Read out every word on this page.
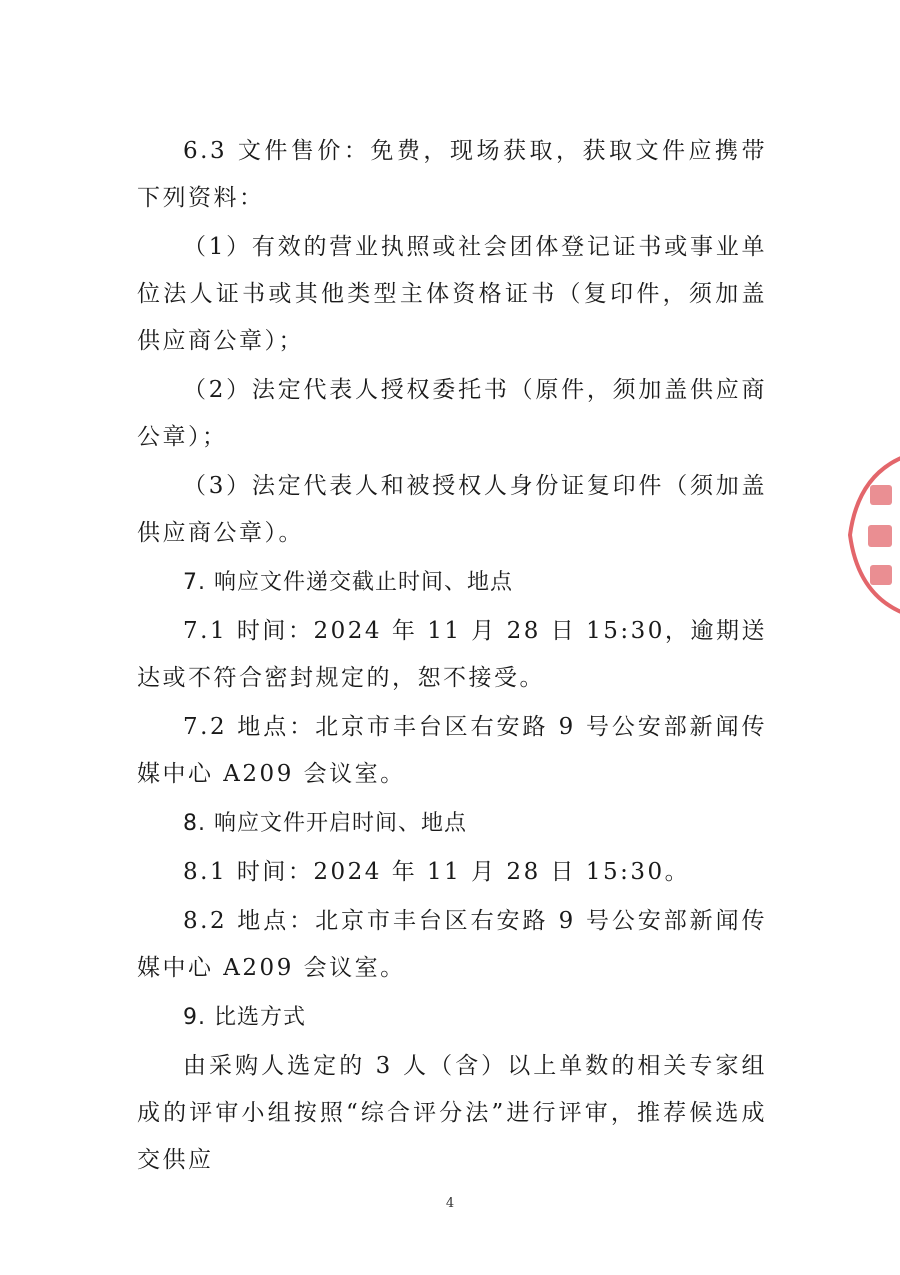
6.3 文件售价：免费，现场获取，获取文件应携带下列资料：

（1）有效的营业执照或社会团体登记证书或事业单位法人证书或其他类型主体资格证书（复印件，须加盖供应商公章）；

（2）法定代表人授权委托书（原件，须加盖供应商公章）；

（3）法定代表人和被授权人身份证复印件（须加盖供应商公章）。

7. 响应文件递交截止时间、地点

7.1 时间：2024 年 11 月 28 日 15:30，逾期送达或不符合密封规定的，恕不接受。

7.2 地点：北京市丰台区右安路 9 号公安部新闻传媒中心 A209 会议室。

8. 响应文件开启时间、地点

8.1 时间：2024 年 11 月 28 日 15:30。

8.2 地点：北京市丰台区右安路 9 号公安部新闻传媒中心 A209 会议室。

9. 比选方式

由采购人选定的 3 人（含）以上单数的相关专家组成的评审小组按照“综合评分法”进行评审，推荐候选成交供应

4
